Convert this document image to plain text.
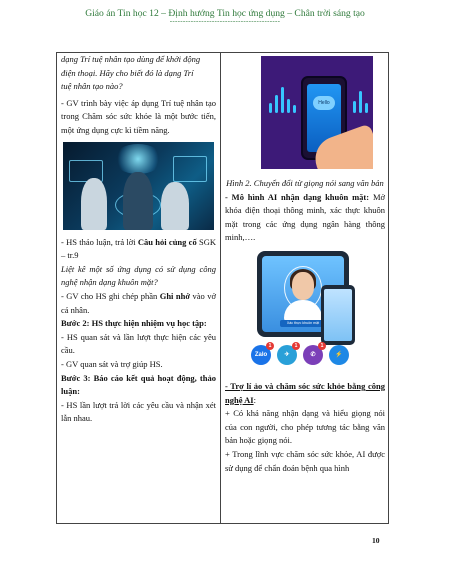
Giáo án Tin học 12 – Định hướng Tin học ứng dụng – Chân trời sáng tạo
------------------------------------------
dạng Trí tuệ nhân tạo dùng để khởi động
điện thoại. Hãy cho biết đó là dạng Trí
tuệ nhân tạo nào?
- GV trình bày việc áp dụng Trí tuệ nhân tạo trong Chăm sóc sức khỏe là một bước tiến, một ứng dụng cực kì tiềm năng.
- HS thảo luận, trả lời Câu hỏi củng cố SGK – tr.9
Liệt kê một số ứng dụng có sử dụng công nghệ nhận dạng khuôn mặt?
- GV cho HS ghi chép phần Ghi nhớ vào vở cá nhân.
Bước 2: HS thực hiện nhiệm vụ học tập:
- HS quan sát và lần lượt thực hiện các yêu cầu.
- GV quan sát và trợ giúp HS.
Bước 3: Báo cáo kết quả hoạt động, thảo luận:
- HS lần lượt trả lời các yêu cầu và nhận xét lẫn nhau.
Hello
Hình 2. Chuyển đổi từ giọng nói sang văn bản
- Mô hình AI nhận dạng khuôn mặt: Mở khóa điện thoại thông minh, xác thực khuôn mặt trong các ứng dụng ngân hàng thông minh,….
Xác thực khuôn mặt
Zalo
1
✈
1
✆
1
⚡
- Trợ lí ảo và chăm sóc sức khỏe bằng công nghệ AI:
+ Có khả năng nhận dạng và hiểu giọng nói của con người, cho phép tương tác bằng văn bản hoặc giọng nói.
+ Trong lĩnh vực chăm sóc sức khỏe, AI được sử dụng để chẩn đoán bệnh qua hình
10
